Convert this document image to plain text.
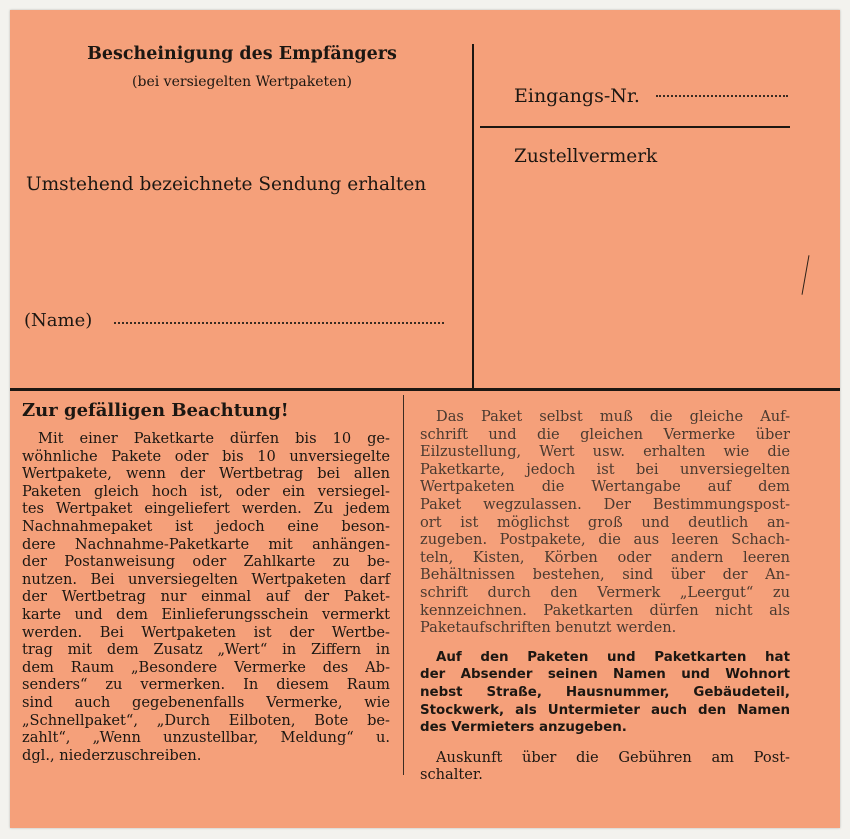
Bescheinigung des Empfängers
(bei versiegelten Wertpaketen)
Umstehend bezeichnete Sendung erhalten
(Name)
Eingangs-Nr.
Zustellvermerk
Zur gefälligen Beachtung!
Mit einer Paketkarte dürfen bis 10 ge-
wöhnliche Pakete oder bis 10 unversiegelte
Wertpakete, wenn der Wertbetrag bei allen
Paketen gleich hoch ist, oder ein versiegel-
tes Wertpaket eingeliefert werden. Zu jedem
Nachnahmepaket ist jedoch eine beson-
dere Nachnahme-Paketkarte mit anhängen-
der Postanweisung oder Zahlkarte zu be-
nutzen. Bei unversiegelten Wertpaketen darf
der Wertbetrag nur einmal auf der Paket-
karte und dem Einlieferungsschein vermerkt
werden. Bei Wertpaketen ist der Wertbe-
trag mit dem Zusatz „Wert“ in Ziffern in
dem Raum „Besondere Vermerke des Ab-
senders“ zu vermerken. In diesem Raum
sind auch gegebenenfalls Vermerke, wie
„Schnellpaket“, „Durch Eilboten, Bote be-
zahlt“, „Wenn unzustellbar, Meldung“ u.
dgl., niederzuschreiben.
Das Paket selbst muß die gleiche Auf-
schrift und die gleichen Vermerke über
Eilzustellung, Wert usw. erhalten wie die
Paketkarte, jedoch ist bei unversiegelten
Wertpaketen die Wertangabe auf dem
Paket wegzulassen. Der Bestimmungspost-
ort ist möglichst groß und deutlich an-
zugeben. Postpakete, die aus leeren Schach-
teln, Kisten, Körben oder andern leeren
Behältnissen bestehen, sind über der An-
schrift durch den Vermerk „Leergut“ zu
kennzeichnen. Paketkarten dürfen nicht als
Paketaufschriften benutzt werden.
Auf den Paketen und Paketkarten hat
der Absender seinen Namen und Wohnort
nebst Straße, Hausnummer, Gebäudeteil,
Stockwerk, als Untermieter auch den Namen
des Vermieters anzugeben.
Auskunft über die Gebühren am Post-
schalter.
